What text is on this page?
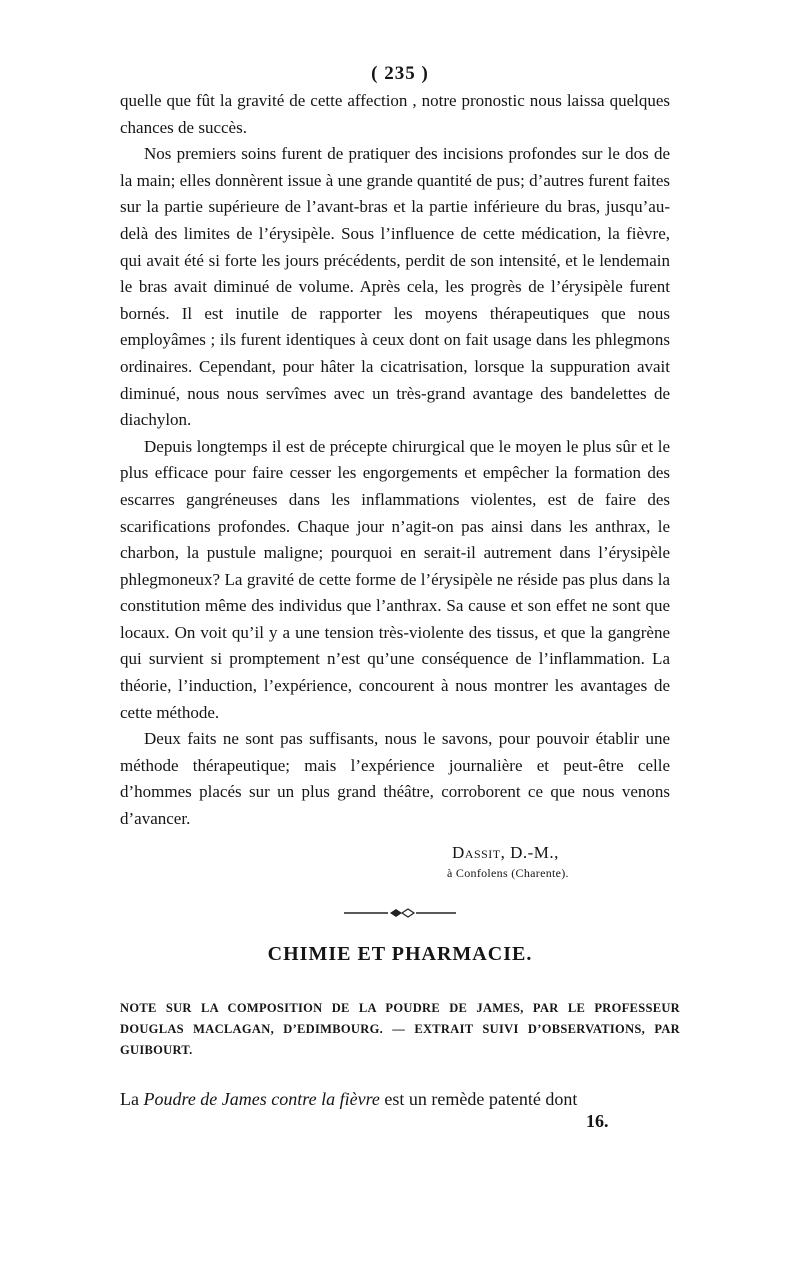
( 235 )

quelle que fût la gravité de cette affection , notre pronostic nous laissa quelques chances de succès.

Nos premiers soins furent de pratiquer des incisions profondes sur le dos de la main; elles donnèrent issue à une grande quantité de pus; d’autres furent faites sur la partie supérieure de l’avant-bras et la partie inférieure du bras, jusqu’au-delà des limites de l’érysipèle. Sous l’influence de cette médication, la fièvre, qui avait été si forte les jours précédents, perdit de son intensité, et le lendemain le bras avait diminué de volume. Après cela, les progrès de l’érysipèle furent bornés. Il est inutile de rapporter les moyens thérapeutiques que nous employâmes ; ils furent identiques à ceux dont on fait usage dans les phlegmons ordinaires. Cependant, pour hâter la cicatrisation, lorsque la suppuration avait diminué, nous nous servîmes avec un très-grand avantage des bandelettes de diachylon.

Depuis longtemps il est de précepte chirurgical que le moyen le plus sûr et le plus efficace pour faire cesser les engorgements et empêcher la formation des escarres gangréneuses dans les inflammations violentes, est de faire des scarifications profondes. Chaque jour n’agit-on pas ainsi dans les anthrax, le charbon, la pustule maligne; pourquoi en serait-il autrement dans l’érysipèle phlegmoneux? La gravité de cette forme de l’érysipèle ne réside pas plus dans la constitution même des individus que l’anthrax. Sa cause et son effet ne sont que locaux. On voit qu’il y a une tension très-violente des tissus, et que la gangrène qui survient si promptement n’est qu’une conséquence de l’inflammation. La théorie, l’induction, l’expérience, concourent à nous montrer les avantages de cette méthode.

Deux faits ne sont pas suffisants, nous le savons, pour pouvoir établir une méthode thérapeutique; mais l’expérience journalière et peut-être celle d’hommes placés sur un plus grand théâtre, corroborent ce que nous venons d’avancer.

Dassit, D.-M.,
à Confolens (Charente).
CHIMIE ET PHARMACIE.
NOTE SUR LA COMPOSITION DE LA POUDRE DE JAMES, PAR LE PROFESSEUR DOUGLAS MACLAGAN, D’EDIMBOURG. — EXTRAIT SUIVI D’OBSERVATIONS, PAR GUIBOURT.
La Poudre de James contre la fièvre est un remède patenté dont
16.
